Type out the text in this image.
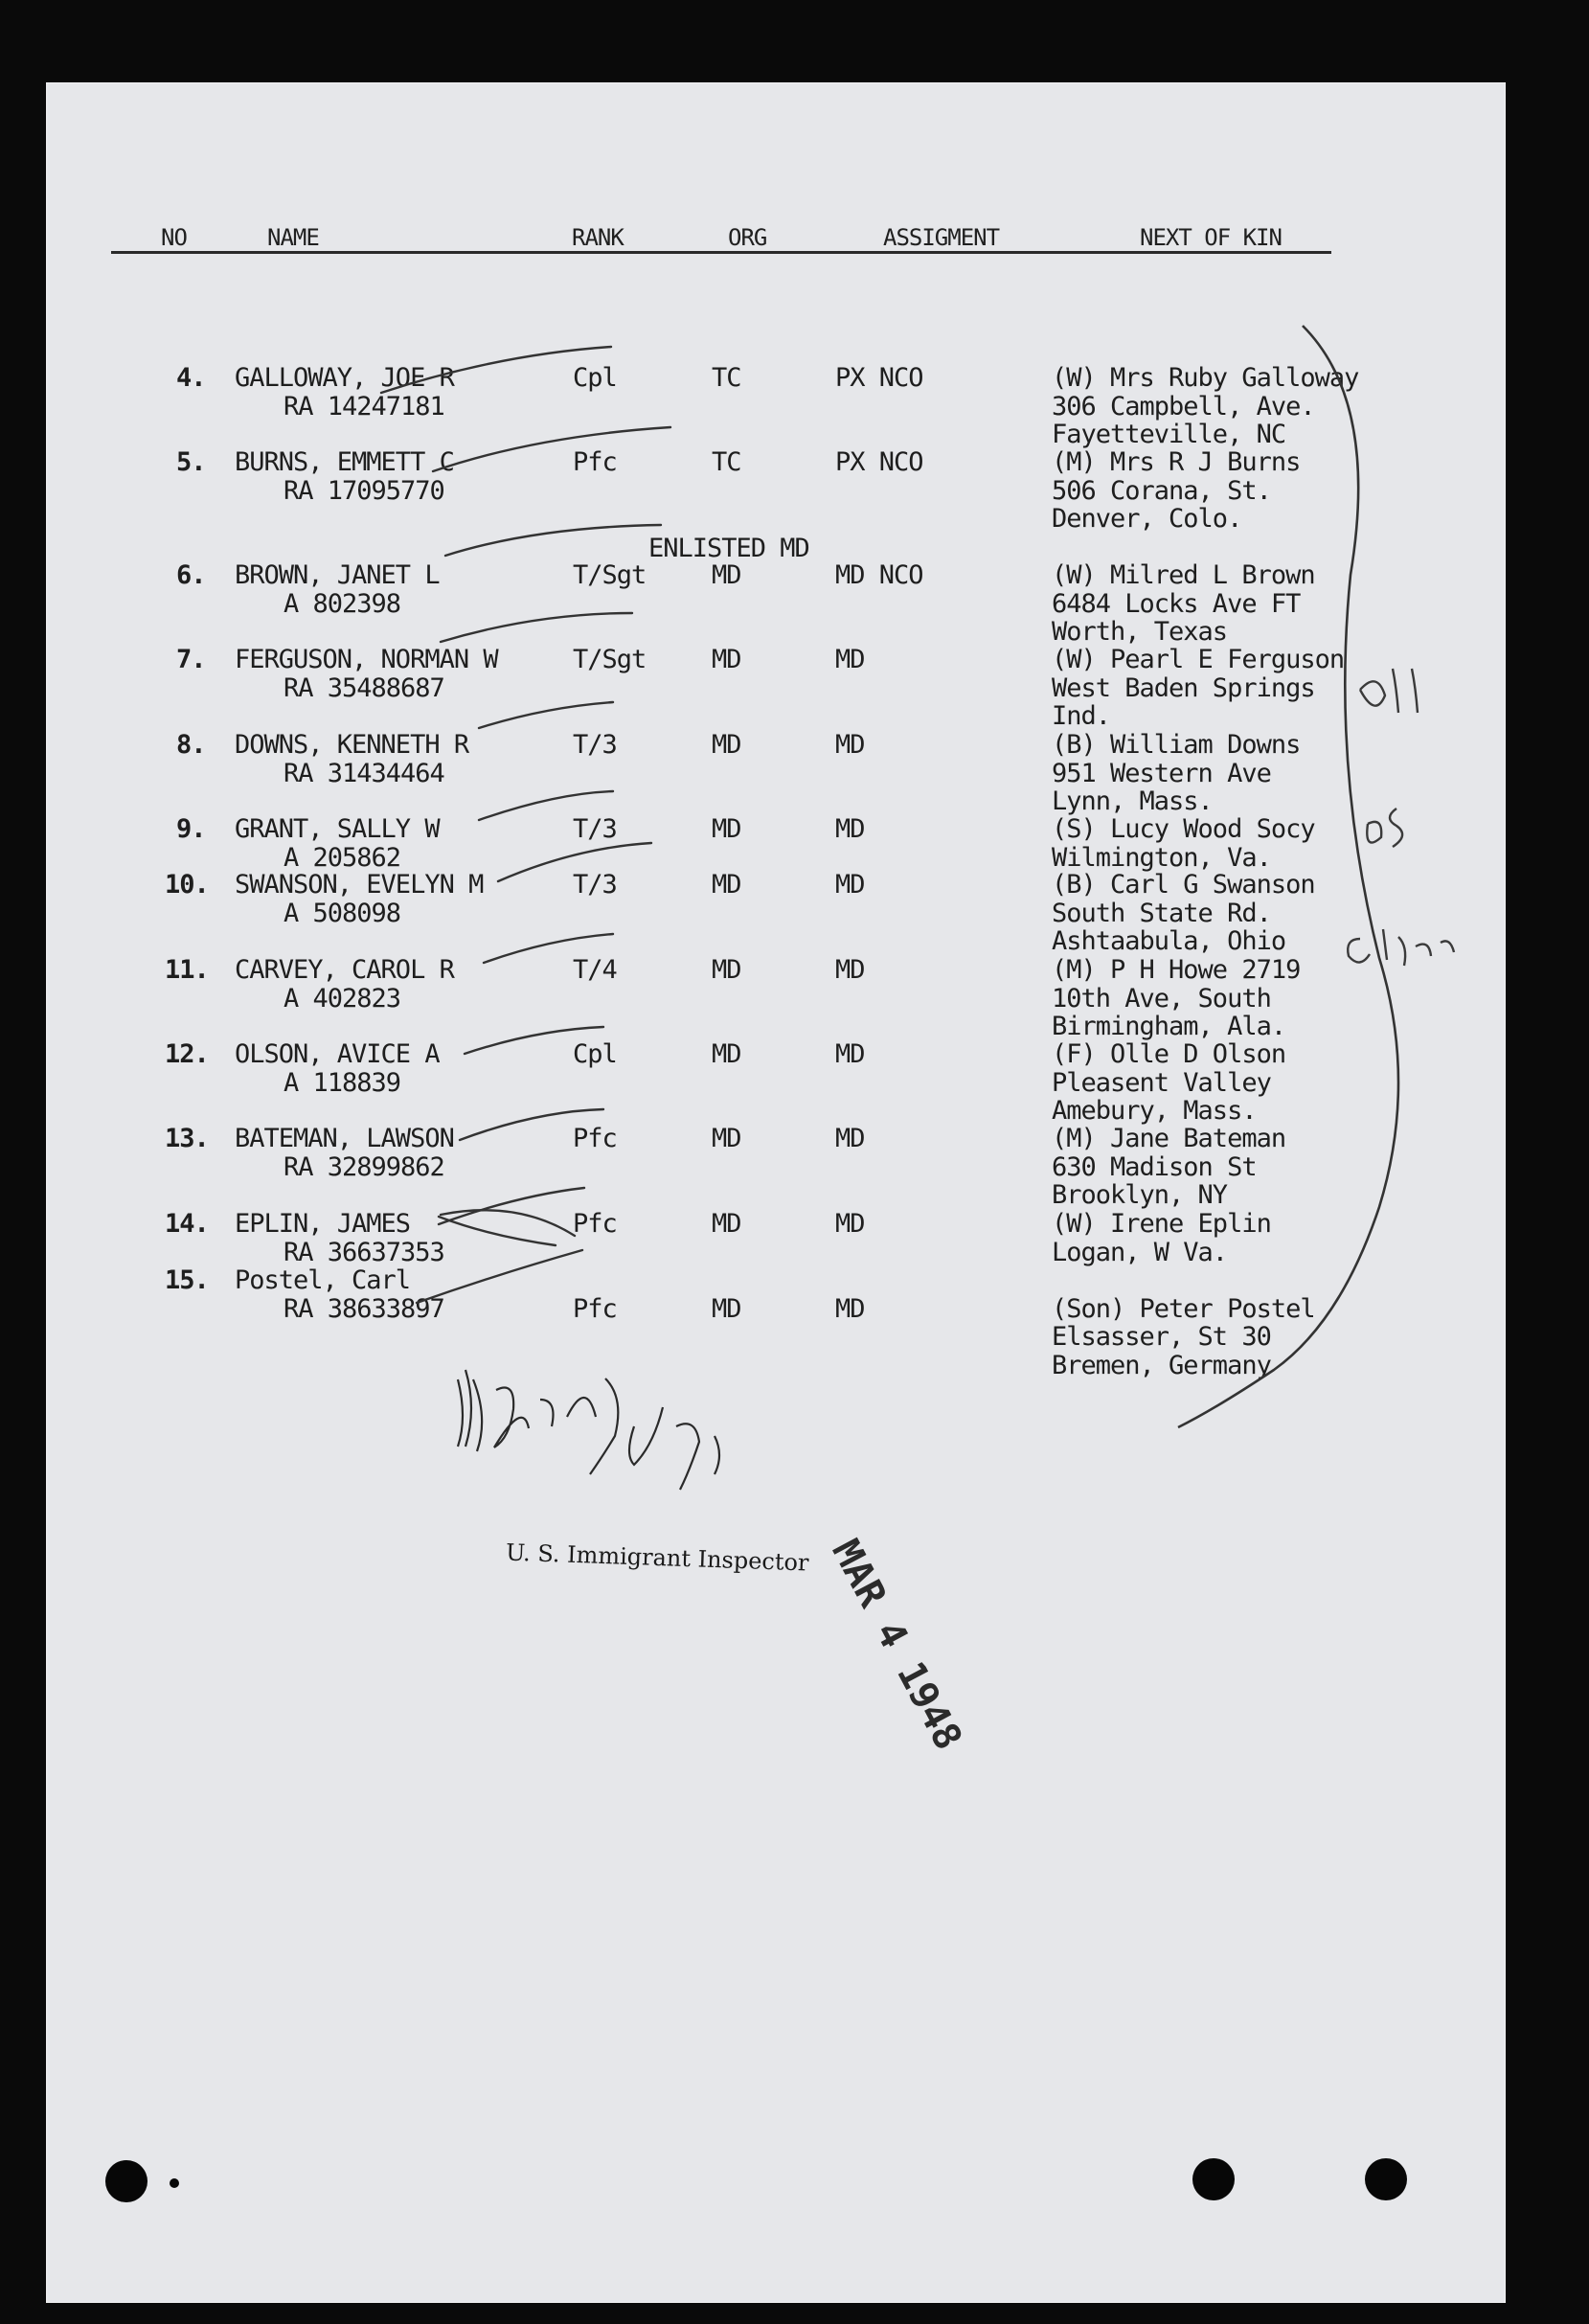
NO	NAME	RANK	ORG	ASSIGMENT	NEXT OF KIN
ENLISTED MD
4. GALLOWAY, JOE R
RA 14247181
Cpl	TC	PX NCO	(W) Mrs Ruby Galloway
306 Campbell, Ave.
Fayetteville, NC
5. BURNS, EMMETT C
RA 17095770
Pfc	TC	PX NCO	(M) Mrs R J Burns
506 Corana, St.
Denver, Colo.
6. BROWN, JANET L
A 802398
T/Sgt	MD	MD NCO	(W) Milred L Brown
6484 Locks Ave FT
Worth, Texas
7. FERGUSON, NORMAN W
RA 35488687
T/Sgt	MD	MD	(W) Pearl E Ferguson
West Baden Springs
Ind.
8. DOWNS, KENNETH R
RA 31434464
T/3	MD	MD	(B) William Downs
951 Western Ave
Lynn, Mass.
9. GRANT, SALLY W
A 205862
T/3	MD	MD	(S) Lucy Wood Socy
Wilmington, Va.
10. SWANSON, EVELYN M
A 508098
T/3	MD	MD	(B) Carl G Swanson
South State Rd.
Ashtaabula, Ohio
11. CARVEY, CAROL R
A 402823
T/4	MD	MD	(M) P H Howe 2719
10th Ave, South
Birmingham, Ala.
12. OLSON, AVICE A
A 118839
Cpl	MD	MD	(F) Olle D Olson
Pleasent Valley
Amebury, Mass.
13. BATEMAN, LAWSON
RA 32899862
Pfc	MD	MD	(M) Jane Bateman
630 Madison St
Brooklyn, NY
14. EPLIN, JAMES
RA 36637353
Pfc	MD	MD	(W) Irene Eplin
Logan, W Va.
15. Postel, Carl
RA 38633897	Pfc	MD	MD	(Son) Peter Postel
Elsasser, St 30
Bremen, Germany
U. S. Immigrant Inspector MAR 4 1948
